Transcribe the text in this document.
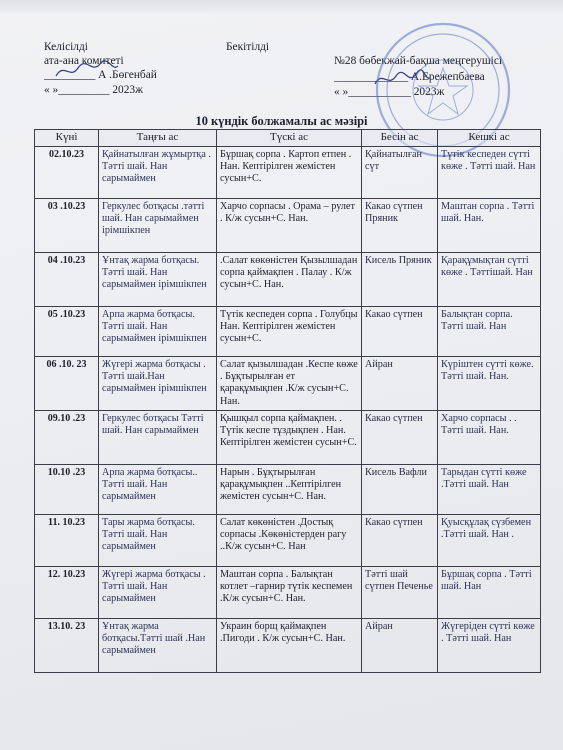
Келісілді
ата-ана комитеті
_________ А .Бөгенбай
« »_________ 2023ж
Бекітілді
№28 бөбекжай-бақша меңгерушісі
_____________ А.Ережепбаева
« »___________ 2023ж
10 күндік болжамалы ас мәзірі
Күні	Таңғы ас	Түскі ас	Бесін ас	Кешкі ас
02.10.23	Қайнатылған жұмыртқа . Тәтті шай. Нан сарымаймен	Бұршақ сорпа . Картоп етпен . Нан. Кептірілген жемістен сусын+С.	Қайнатылған сүт	Түтік кеспеден сүтті көже . Тәтті шай. Нан
03 .10.23	Геркулес ботқасы .тәтті шай. Нан сарымаймен ірімшікпен	Харчо сорпасы . Орама – рулет . К/ж сусын+С. Нан.	Какао сүтпен Пряник	Маштан сорпа . Тәтті шай. Нан.
04 .10.23	Ұнтақ жарма ботқасы. Тәтті шай. Нан сарымаймен ірімшікпен	.Салат көкөністен Қызылшадан сорпа қаймақпен . Палау . К/ж сусын+С. Нан.	Кисель Пряник	Қарақұмықтан сүтті көже . Тәттішай. Нан
05 .10.23	Арпа жарма ботқасы. Тәтті шай. Нан сарымаймен ірімшікпен	Түтік кеспеден сорпа . Голубцы Нан. Кептірілген жемістен сусын+С.	Какао сүтпен	Балықтан сорпа. Тәтті шай. Нан
06 .10. 23	Жүгері жарма ботқасы . Тәтті шай.Нан сарымаймен ірімшікпен	Салат қызылшадан .Кеспе көже . Бұқтырылған ет қарақұмықпен .К/ж сусын+С. Нан.	Айран	Күріштен сүтті көже. Тәтті шай. Нан.
09.10 .23	Геркулес ботқасы Тәтті шай. Нан сарымаймен	Қышқыл сорпа қаймақпен. . Түтік кеспе тұздықпен . Нан. Кептірілген жемістен сусын+С.	Какао сүтпен	Харчо сорпасы . . Тәтті шай. Нан.
10.10 .23	Арпа жарма ботқасы.. Тәтті шай. Нан сарымаймен	Нарын . Бұқтырылған қарақұмықпен ..Кептірілген жемістен сусын+С. Нан.	Кисель Вафли	Тарыдан сүтті көже .Тәтті шай. Нан
11. 10.23	Тары жарма ботқасы. Тәтті шай. Нан сарымаймен	Салат көкөністен .Достық сорпасы .Көкөністерден рагу ..К/ж сусын+С. Нан	Какао сүтпен	Қуысқұлақ сүзбемен .Тәтті шай. Нан .
12. 10.23	Жүгері жарма ботқасы . Тәтті шай. Нан сарымаймен	Маштан сорпа . Балықтан котлет –гарнир түтік кеспемен .К/ж сусын+С. Нан.	Тәтті шай сүтпен Печенье	Бұршақ сорпа . Тәтті шай. Нан
13.10. 23	Ұнтақ жарма ботқасы.Тәтті шай .Нан сарымаймен	Украин борщ қаймақпен .Пигоди . К/ж сусын+С. Нан.	Айран	Жүгеріден сүтті көже . Тәтті шай. Нан
